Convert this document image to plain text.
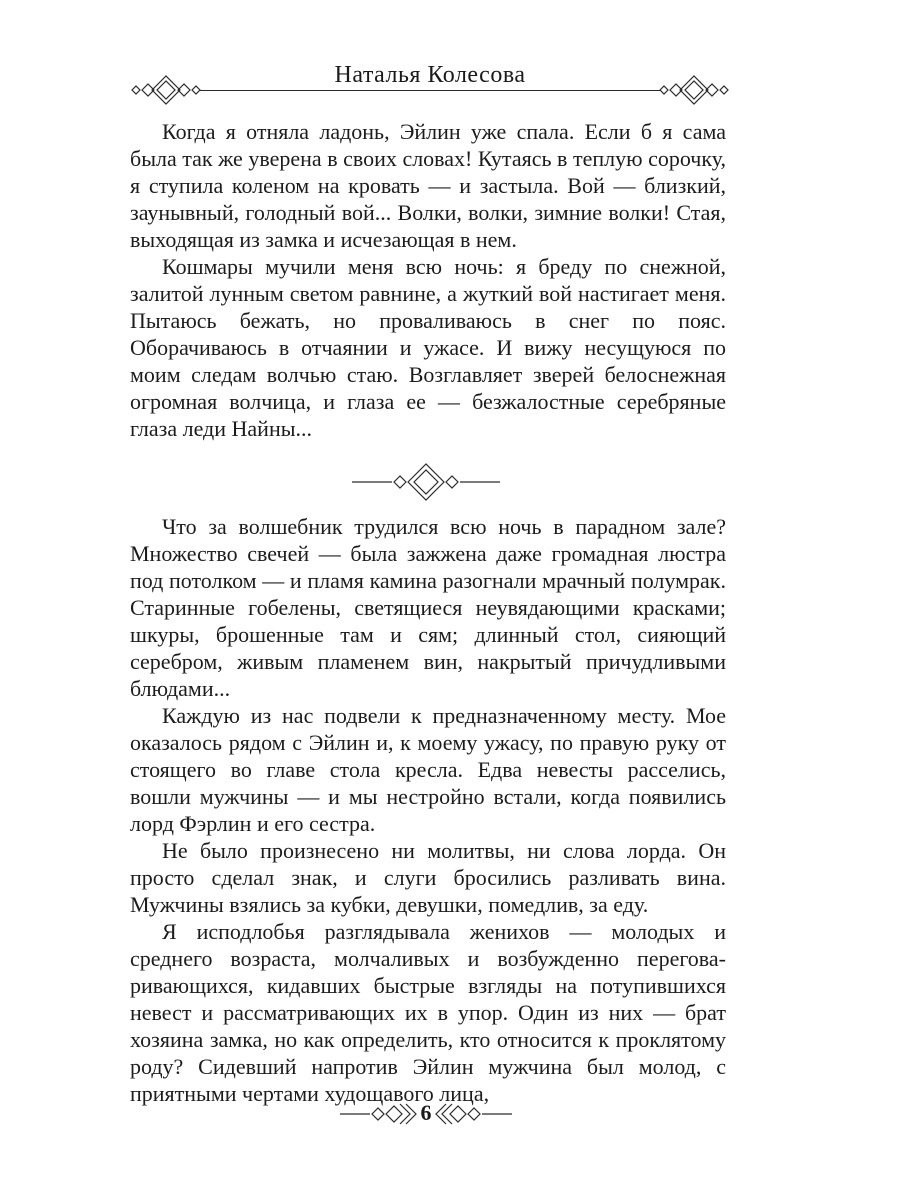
Наталья Колесова

Когда я отняла ладонь, Эйлин уже спала. Если б я сама была так же уверена в своих словах! Кутаясь в теплую сорочку, я ступила коленом на кровать — и застыла. Вой — близкий, заунывный, голодный вой... Волки, волки, зимние волки! Стая, выходящая из замка и исчезающая в нем.

Кошмары мучили меня всю ночь: я бреду по снежной, залитой лунным светом равнине, а жуткий вой настигает меня. Пытаюсь бежать, но проваливаюсь в снег по пояс. Оборачиваюсь в отчаянии и ужасе. И вижу несущуюся по моим следам волчью стаю. Возглавляет зверей белоснежная огромная волчица, и глаза ее — безжалостные серебряные глаза леди Найны...

Что за волшебник трудился всю ночь в парадном зале? Множество свечей — была зажжена даже громадная люстра под потолком — и пламя камина разогнали мрачный полумрак. Старинные гобелены, светящиеся неувядающими красками; шкуры, брошенные там и сям; длинный стол, сияющий серебром, живым пламенем вин, накрытый причудливыми блюдами...

Каждую из нас подвели к предназначенному месту. Мое оказалось рядом с Эйлин и, к моему ужасу, по правую руку от стоящего во главе стола кресла. Едва невесты расселись, вошли мужчины — и мы нестройно встали, когда появились лорд Фэрлин и его сестра.

Не было произнесено ни молитвы, ни слова лорда. Он просто сделал знак, и слуги бросились разливать вина. Мужчины взялись за кубки, девушки, помедлив, за еду.

Я исподлобья разглядывала женихов — молодых и среднего возраста, молчаливых и возбужденно переговаривающихся, кидавших быстрые взгляды на потупившихся невест и рассматривающих их в упор. Один из них — брат хозяина замка, но как определить, кто относится к проклятому роду? Сидевший напротив Эйлин мужчина был молод, с приятными чертами худощавого лица,

6
